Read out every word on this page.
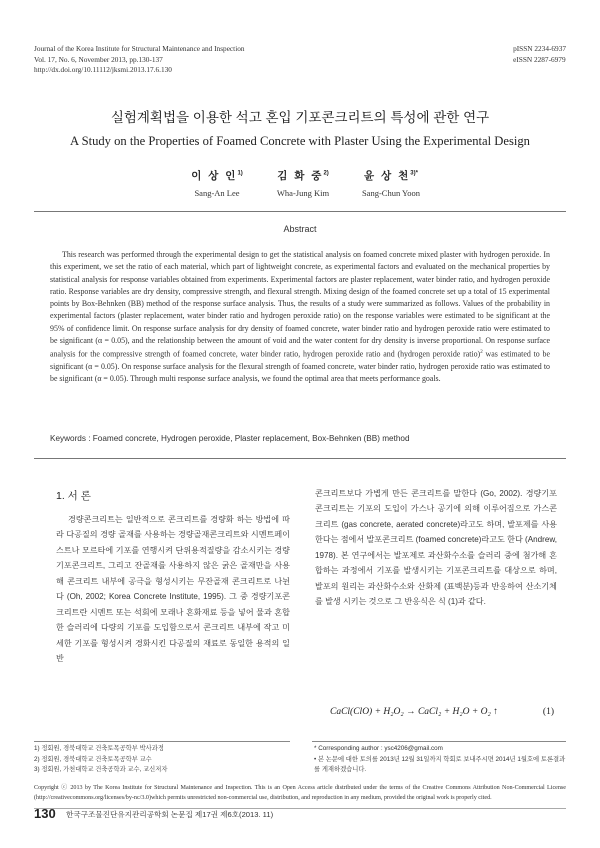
Journal of the Korea Institute for Structural Maintenance and Inspection
Vol. 17, No. 6, November 2013, pp.130-137
http://dx.doi.org/10.11112/jksmi.2013.17.6.130
pISSN 2234-6937
eISSN 2287-6979
실험계획법을 이용한 석고 혼입 기포콘크리트의 특성에 관한 연구
A Study on the Properties of Foamed Concrete with Plaster Using the Experimental Design
이 상 인$^{1)}$
Sang-An Lee
김 화 중$^{2)}$
Wha-Jung Kim
윤 상 천$^{3)*}$
Sang-Chun Yoon
Abstract
This research was performed through the experimental design to get the statistical analysis on foamed concrete mixed plaster with hydrogen peroxide. In this experiment, we set the ratio of each material, which part of lightweight concrete, as experimental factors and evaluated on the mechanical properties by statistical analysis for response variables obtained from experiments. Experimental factors are plaster replacement, water binder ratio, and hydrogen peroxide ratio. Response variables are dry density, compressive strength, and flexural strength. Mixing design of the foamed concrete set up a total of 15 experimental points by Box-Behnken (BB) method of the response surface analysis. Thus, the results of a study were summarized as follows. Values of the probability in experimental factors (plaster replacement, water binder ratio and hydrogen peroxide ratio) on the response variables were estimated to be significant at the 95% of confidence limit. On response surface analysis for dry density of foamed concrete, water binder ratio and hydrogen peroxide ratio were estimated to be significant (α = 0.05), and the relationship between the amount of void and the water content for dry density is inverse proportional. On response surface analysis for the compressive strength of foamed concrete, water binder ratio, hydrogen peroxide ratio and (hydrogen peroxide ratio)$^2$ was estimated to be significant (α = 0.05). On response surface analysis for the flexural strength of foamed concrete, water binder ratio, hydrogen peroxide ratio was estimated to be significant (α = 0.05). Through multi response surface analysis, we found the optimal area that meets performance goals.
Keywords : Foamed concrete, Hydrogen peroxide, Plaster replacement, Box-Behnken (BB) method
1. 서 론
경량콘크리트는 일반적으로 콘크리트를 경량화 하는 방법에 따라 다공질의 경량 골재를 사용하는 경량골재콘크리트와 시멘트페이스트나 모르타에 기포를 연행시켜 단위용적질량을 감소시키는 경량기포콘크리트, 그리고 잔골재를 사용하지 않은 굵은 골재만을 사용해 콘크리트 내부에 공극을 형성시키는 무잔골재 콘크리트로 나뉜다 (Oh, 2002; Korea Concrete Institute, 1995). 그 중 경량기포콘크리트란 시멘트 또는 석회에 모래나 혼화재료 등을 넣어 물과 혼합한 슬러리에 다량의 기포를 도입함으로서 콘크리트 내부에 작고 미세한 기포를 형성시켜 경화시킨 다공질의 재료로 동일한 용적의 일반
콘크리트보다 가볍게 만든 콘크리트를 말한다 (Go, 2002). 경량기포콘크리트는 기포의 도입이 가스나 공기에 의해 이루어짐으로 가스콘크리트 (gas concrete, aerated concrete)라고도 하며, 발포제를 사용한다는 점에서 발포콘크리트 (foamed concrete)라고도 한다 (Andrew, 1978). 본 연구에서는 발포제로 과산화수소를 슬러리 중에 첨가해 혼합하는 과정에서 기포를 발생시키는 기포콘크리트를 대상으로 하며, 발포의 원리는 과산화수소와 산화제 (표백분)등과 반응하여 산소기체를 발생 시키는 것으로 그 반응식은 식 (1)과 같다.
CaCl(ClO) + H₂O₂ → CaCl₂ + H₂O + O₂ ↑	(1)
1) 정회원, 경북대학교 건축토목공학부 박사과정
2) 정회원, 경북대학교 건축토목공학부 교수
3) 정회원, 가천대학교 건축공학과 교수, 교신저자
* Corresponding author : ysc4206@gmail.com
• 본 논문에 대한 토의를 2013년 12월 31일까지 학회로 보내주시면 2014년 1월호에 토론결과를 게재하겠습니다.
Copyright ⓒ 2013 by The Korea Institute for Structural Maintenance and Inspection. This is an Open Access article distributed under the terms of the Creative Commons Attribution Non-Commercial License (http://creativecommons.org/licenses/by-nc/3.0)which permits unrestricted non-commercial use, distribution, and reproduction in any medium, provided the original work is properly cited.
130 한국구조물진단유지관리공학회 논문집 제17권 제6호(2013. 11)
